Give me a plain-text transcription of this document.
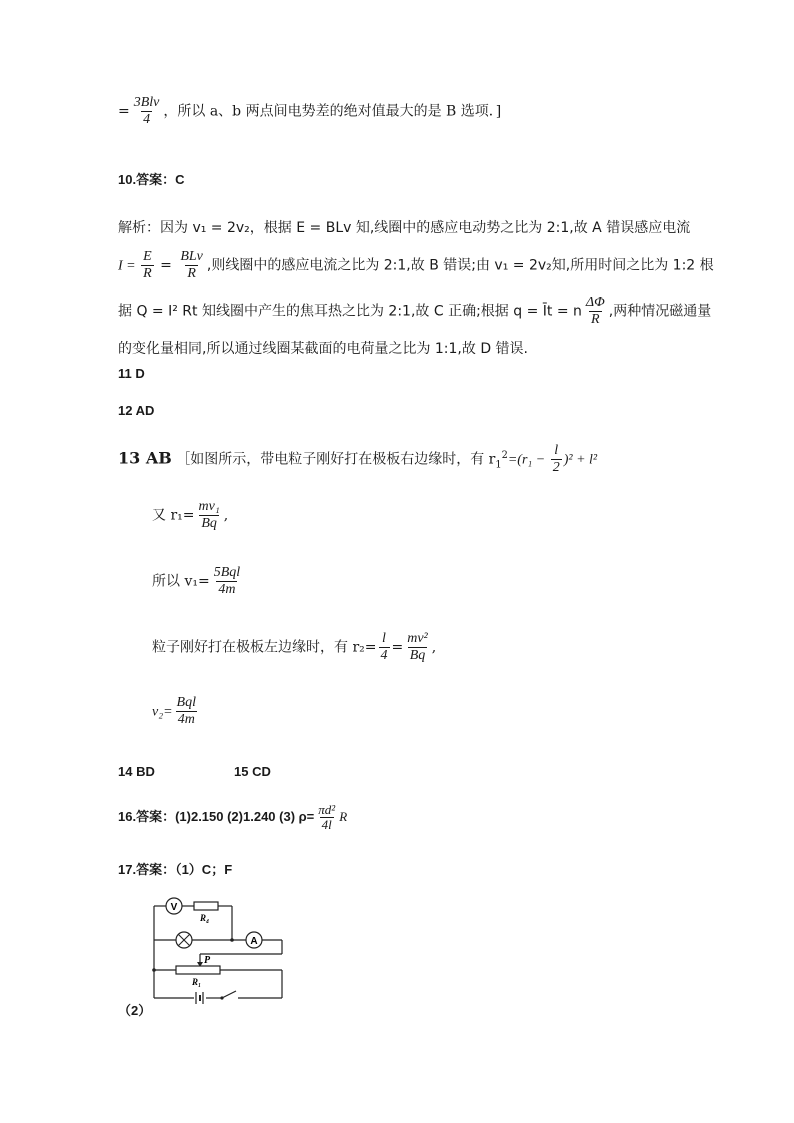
= $\frac{\text{3Blv}}{4}$ ，所以 a、b 两点间电势差的绝对值最大的是 B 选项．]
10.答案：C
解析：因为 v₁ = 2v₂，根据 E = BLv 知,线圈中的感应电动势之比为 2:1,故 A 错误感应电流
$I = \frac{E}{R} = \frac{\text{BLv}}{R}$ ,则线圈中的感应电流之比为 2:1,故 B 错误;由 v₁ = 2v₂知,所用时间之比为 1:2 根
据 Q = I² Rt 知线圈中产生的焦耳热之比为 2:1,故 C 正确;根据 q = Īt = n $\frac{\Delta\Phi}{R}$ ,两种情况磁通量
的变化量相同,所以通过线圈某截面的电荷量之比为 1:1,故 D 错误.
11 D
12 AD
13 AB ［如图所示，带电粒子刚好打在极板右边缘时，有 $r_1^2=(r_1 - \frac{l}{2} )^2 + l^2$
又 $r_1= \frac{\text{mv₁}}{Bq}$ ,
所以 $v_1= \frac{\text{5Bql}}{4m}$
粒子刚好打在极板左边缘时，有 $r_2= \frac{l}{4} = \frac{\text{mv²}}{Bq}$ ,
$v_2= \frac{\text{Bql}}{4m}$
14 BD	15 CD
16.答案：(1)2.150 (2)1.240 (3) $\rho= \frac{\text{πd²}}{4l}$ R
17.答案：（1）C；F
V
R₄
A
P
R₁
（2）
